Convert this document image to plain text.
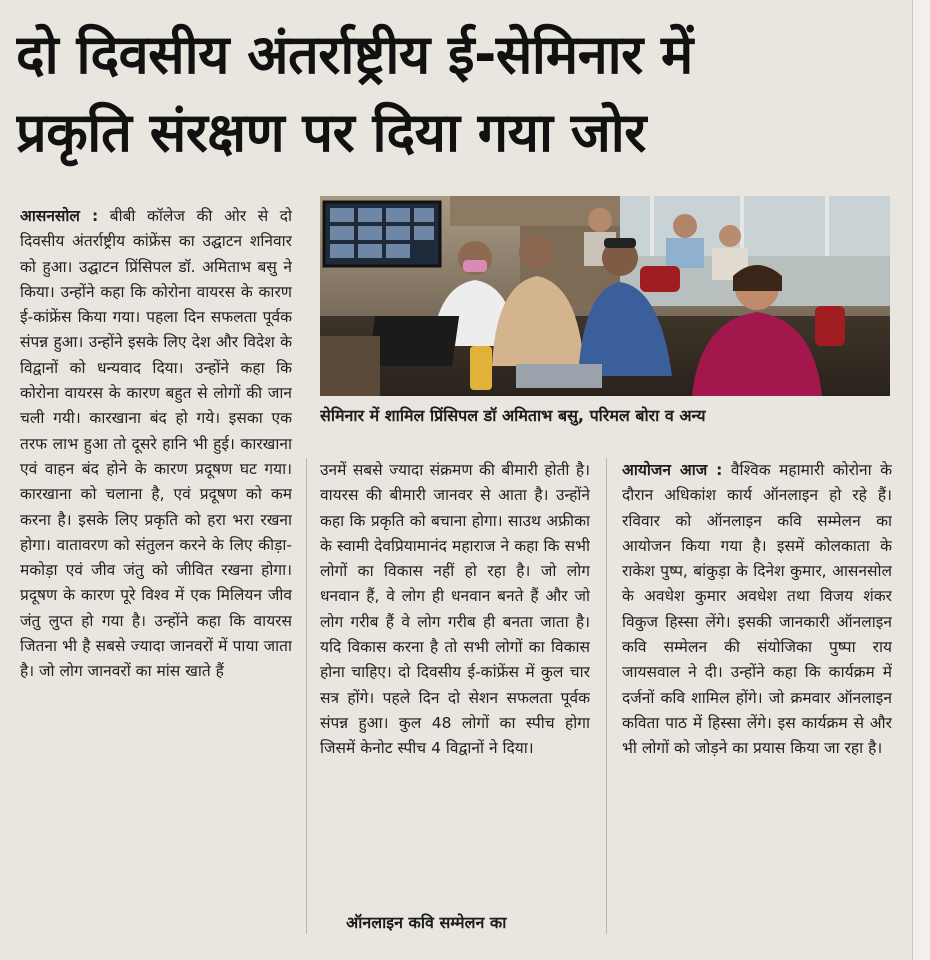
दो दिवसीय अंतर्राष्ट्रीय ई-सेमिनार में
प्रकृति संरक्षण पर दिया गया जोर
सेमिनार में शामिल प्रिंसिपल डॉ अमिताभ बसु, परिमल बोरा व अन्य
आसनसोल : बीबी कॉलेज की ओर से दो दिवसीय अंतर्राष्ट्रीय कांफ्रेंस का उद्घाटन शनिवार को हुआ। उद्घाटन प्रिंसिपल डॉ. अमिताभ बसु ने किया। उन्होंने कहा कि कोरोना वायरस के कारण ई-कांफ्रेंस किया गया। पहला दिन सफलता पूर्वक संपन्न हुआ। उन्होंने इसके लिए देश और विदेश के विद्वानों को धन्यवाद दिया। उन्होंने कहा कि कोरोना वायरस के कारण बहुत से लोगों की जान चली गयी। कारखाना बंद हो गये। इसका एक तरफ लाभ हुआ तो दूसरे हानि भी हुई। कारखाना एवं वाहन बंद होने के कारण प्रदूषण घट गया। कारखाना को चलाना है, एवं प्रदूषण को कम करना है। इसके लिए प्रकृति को हरा भरा रखना होगा। वातावरण को संतुलन करने के लिए कीड़ा-मकोड़ा एवं जीव जंतु को जीवित रखना होगा। प्रदूषण के कारण पूरे विश्व में एक मिलियन जीव जंतु लुप्त हो गया है। उन्होंने कहा कि वायरस जितना भी है सबसे ज्यादा जानवरों में पाया जाता है। जो लोग जानवरों का मांस खाते हैं
उनमें सबसे ज्यादा संक्रमण की बीमारी होती है। वायरस की बीमारी जानवर से आता है। उन्होंने कहा कि प्रकृति को बचाना होगा। साउथ अफ्रीका के स्वामी देवप्रियामानंद महाराज ने कहा कि सभी लोगों का विकास नहीं हो रहा है। जो लोग धनवान हैं, वे लोग ही धनवान बनते हैं और जो लोग गरीब हैं वे लोग गरीब ही बनता जाता है। यदि विकास करना है तो सभी लोगों का विकास होना चाहिए। दो दिवसीय ई-कांफ्रेंस में कुल चार सत्र होंगे। पहले दिन दो सेशन सफलता पूर्वक संपन्न हुआ। कुल 48 लोगों का स्पीच होगा जिसमें केनोट स्पीच 4 विद्वानों ने दिया।
ऑनलाइन कवि सम्मेलन का
आयोजन आज : वैश्विक महामारी कोरोना के दौरान अधिकांश कार्य ऑनलाइन हो रहे हैं। रविवार को ऑनलाइन कवि सम्मेलन का आयोजन किया गया है। इसमें कोलकाता के राकेश पुष्प, बांकुड़ा के दिनेश कुमार, आसनसोल के अवधेश कुमार अवधेश तथा विजय शंकर विकुज हिस्सा लेंगे। इसकी जानकारी ऑनलाइन कवि सम्मेलन की संयोजिका पुष्पा राय जायसवाल ने दी। उन्होंने कहा कि कार्यक्रम में दर्जनों कवि शामिल होंगे। जो क्रमवार ऑनलाइन कविता पाठ में हिस्सा लेंगे। इस कार्यक्रम से और भी लोगों को जोड़ने का प्रयास किया जा रहा है।
